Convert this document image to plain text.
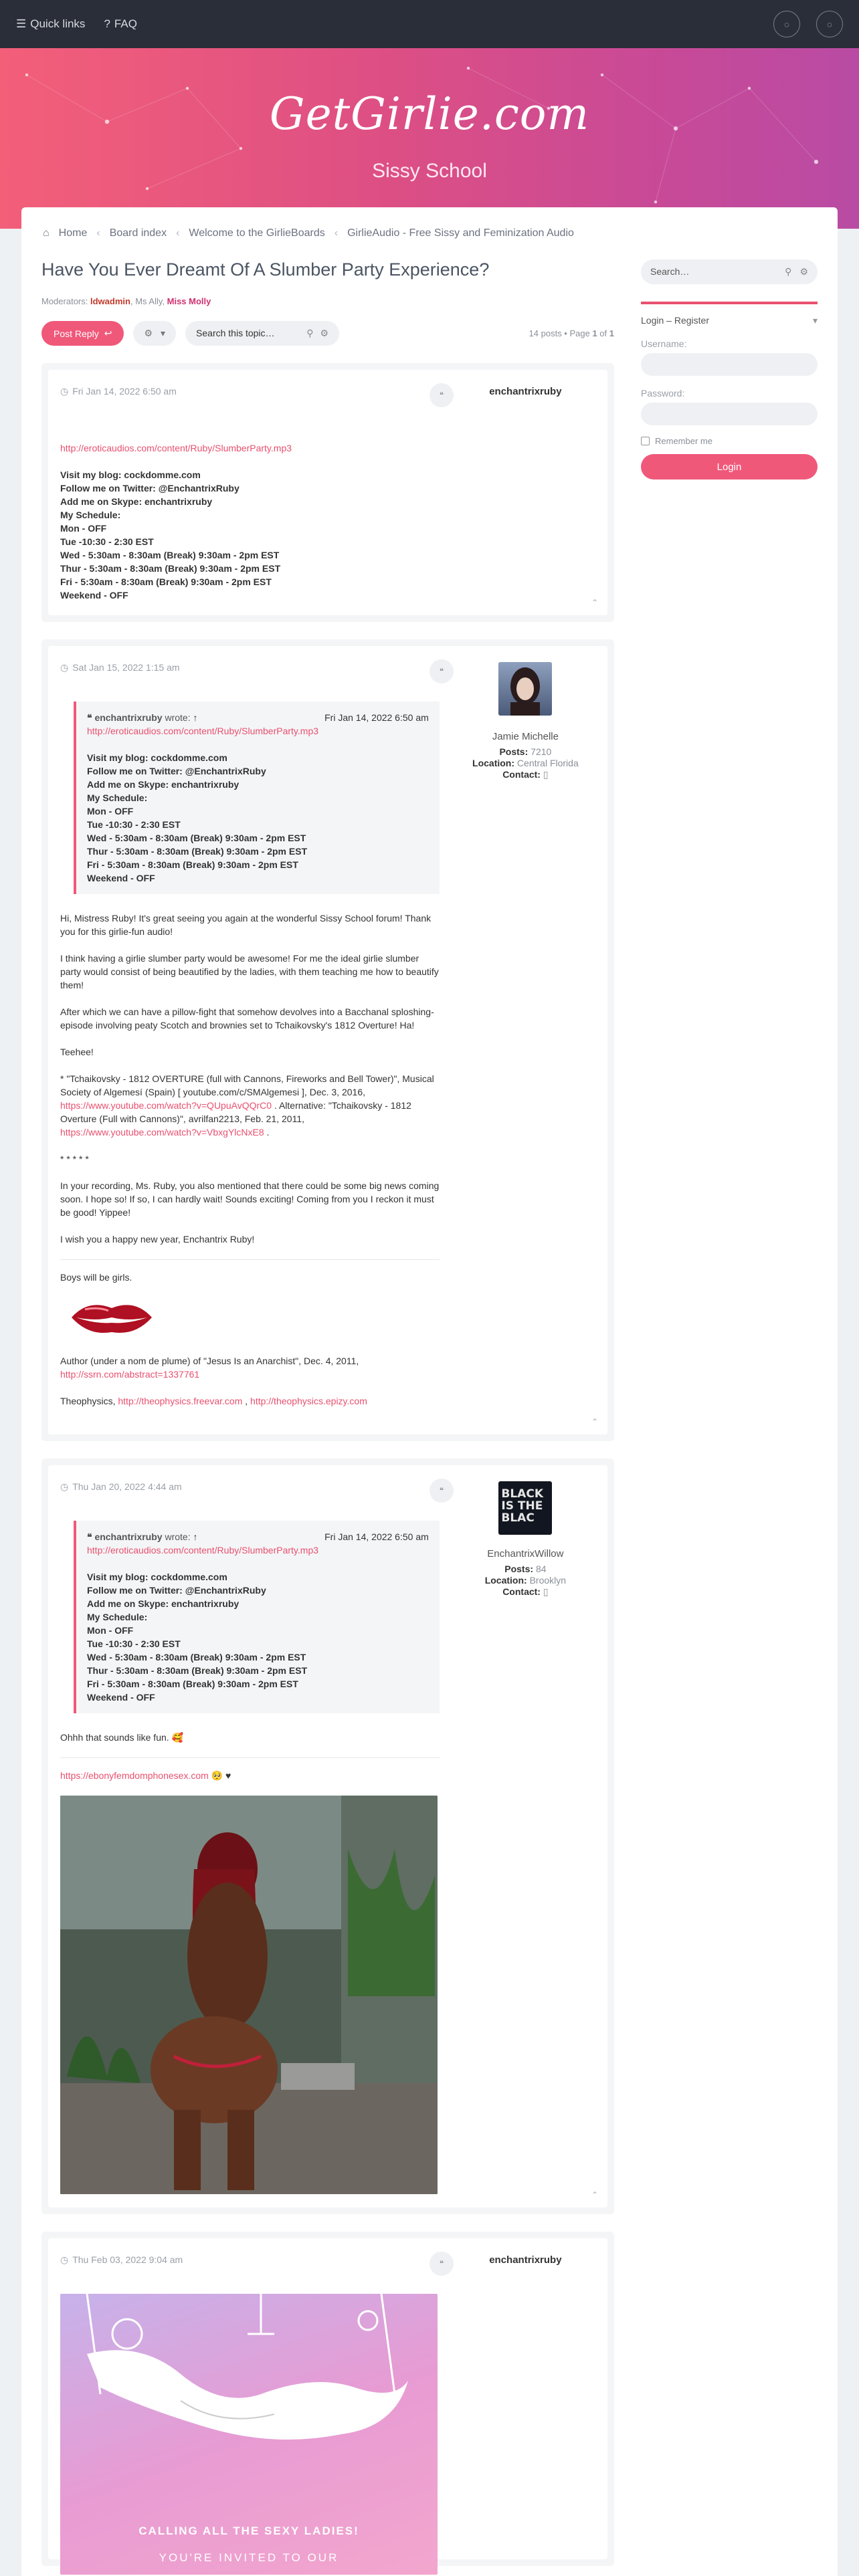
☰ Quick links ? FAQ	◌	◌
GetGirlie.com
Sissy School
⌂ Home ‹ Board index ‹ Welcome to the GirlieBoards ‹ GirlieAudio - Free Sissy and Feminization Audio
Have You Ever Dreamt Of A Slumber Party Experience?
Moderators: ldwadmin, Ms Ally, Miss Molly
Post Reply ↩	⚙ ▾	Search this topic…	⚲ ⚙	14 posts • Page 1 of 1
◷ Fri Jan 14, 2022 6:50 am

http://eroticaudios.com/content/Ruby/SlumberParty.mp3

Visit my blog: cockdomme.com
Follow me on Twitter: @EnchantrixRuby
Add me on Skype: enchantrixruby
My Schedule:
Mon - OFF
Tue -10:30 - 2:30 EST
Wed - 5:30am - 8:30am (Break) 9:30am - 2pm EST
Thur - 5:30am - 8:30am (Break) 9:30am - 2pm EST
Fri - 5:30am - 8:30am (Break) 9:30am - 2pm EST
Weekend - OFF
❝	enchantrixruby
⌃
◷ Sat Jan 15, 2022 1:15 am
❝ enchantrixruby wrote: ↑	Fri Jan 14, 2022 6:50 am
http://eroticaudios.com/content/Ruby/SlumberParty.mp3
Visit my blog: cockdomme.com
Follow me on Twitter: @EnchantrixRuby
Add me on Skype: enchantrixruby
My Schedule:
Mon - OFF
Tue -10:30 - 2:30 EST
Wed - 5:30am - 8:30am (Break) 9:30am - 2pm EST
Thur - 5:30am - 8:30am (Break) 9:30am - 2pm EST
Fri - 5:30am - 8:30am (Break) 9:30am - 2pm EST
Weekend - OFF

Hi, Mistress Ruby! It's great seeing you again at the wonderful Sissy School forum! Thank you for this girlie-fun audio!

I think having a girlie slumber party would be awesome! For me the ideal girlie slumber party would consist of being beautified by the ladies, with them teaching me how to beautify them!

After which we can have a pillow-fight that somehow devolves into a Bacchanal sploshing-episode involving peaty Scotch and brownies set to Tchaikovsky's 1812 Overture! Ha!

Teehee!

* "Tchaikovsky - 1812 OVERTURE (full with Cannons, Fireworks and Bell Tower)", Musical Society of Algemesí (Spain) [ youtube.com/c/SMAlgemesi ], Dec. 3, 2016, https://www.youtube.com/watch?v=QUpuAvQQrC0 . Alternative: "Tchaikovsky - 1812 Overture (Full with Cannons)", avrilfan2213, Feb. 21, 2011, https://www.youtube.com/watch?v=VbxgYlcNxE8 .

* * * * *

In your recording, Ms. Ruby, you also mentioned that there could be some big news coming soon. I hope so! If so, I can hardly wait! Sounds exciting! Coming from you I reckon it must be good! Yippee!

I wish you a happy new year, Enchantrix Ruby!

Boys will be girls.

Author (under a nom de plume) of "Jesus Is an Anarchist", Dec. 4, 2011,
http://ssrn.com/abstract=1337761

Theophysics, http://theophysics.freevar.com , http://theophysics.epizy.com

❝
Jamie Michelle
Posts: 7210
Location: Central Florida
Contact: ▯
⌃
◷ Thu Jan 20, 2022 4:44 am
❝ enchantrixruby wrote: ↑	Fri Jan 14, 2022 6:50 am
http://eroticaudios.com/content/Ruby/SlumberParty.mp3
Visit my blog: cockdomme.com
Follow me on Twitter: @EnchantrixRuby
Add me on Skype: enchantrixruby
My Schedule:
Mon - OFF
Tue -10:30 - 2:30 EST
Wed - 5:30am - 8:30am (Break) 9:30am - 2pm EST
Thur - 5:30am - 8:30am (Break) 9:30am - 2pm EST
Fri - 5:30am - 8:30am (Break) 9:30am - 2pm EST
Weekend - OFF

Ohhh that sounds like fun. 🥰

https://ebonyfemdomphonesex.com 🥺 ♥

❝	BLACK IS THE BLAC
EnchantrixWillow
Posts: 84
Location: Brooklyn
Contact: ▯
⌃
◷ Thu Feb 03, 2022 9:04 am
CALLING ALL THE SEXY LADIES!
YOU'RE INVITED TO OUR
❝	enchantrixruby
Search…	⚲ ⚙
Login – Register	▾
Username:
Password:
Remember me
Login
